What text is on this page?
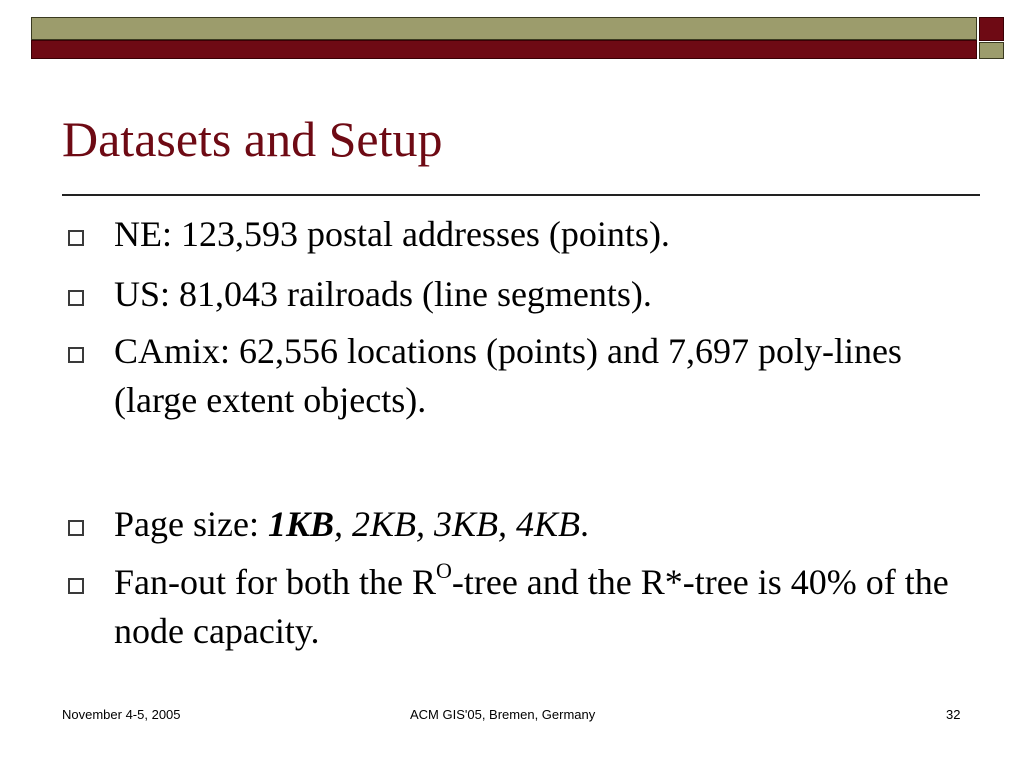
Datasets and Setup
NE: 123,593 postal addresses (points).
US: 81,043 railroads (line segments).
CAmix: 62,556 locations (points) and 7,697 poly-lines (large extent objects).
Page size: 1KB, 2KB, 3KB, 4KB.
Fan-out for both the $R^O$-tree and the R*-tree is 40% of the node capacity.
November 4-5, 2005	ACM GIS'05, Bremen, Germany	32
